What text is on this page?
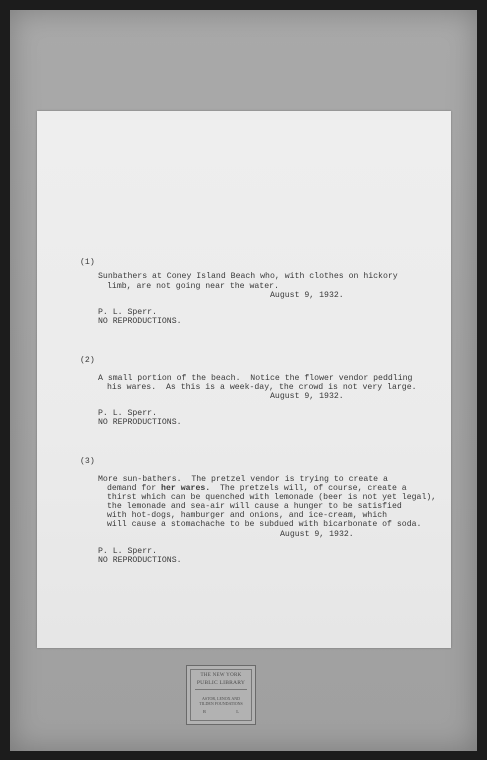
(1)
Sunbathers at Coney Island Beach who, with clothes on hickory
limb, are not going near the water.
August 9, 1932.
P. L. Sperr.
NO REPRODUCTIONS.
(2)
A small portion of the beach.  Notice the flower vendor peddling
his wares.  As this is a week-day, the crowd is not very large.
August 9, 1932.
P. L. Sperr.
NO REPRODUCTIONS.
(3)
More sun-bathers.  The pretzel vendor is trying to create a
demand for her wares.  The pretzels will, of course, create a
thirst which can be quenched with lemonade (beer is not yet legal),
the lemonade and sea-air will cause a hunger to be satisfied
with hot-dogs, hamburger and onions, and ice-cream, which
will cause a stomachache to be subdued with bicarbonate of soda.
August 9, 1932.
P. L. Sperr.
NO REPRODUCTIONS.
THE NEW YORK
PUBLIC LIBRARY
ASTOR, LENOX AND
TILDEN FOUNDATIONS
R	L
